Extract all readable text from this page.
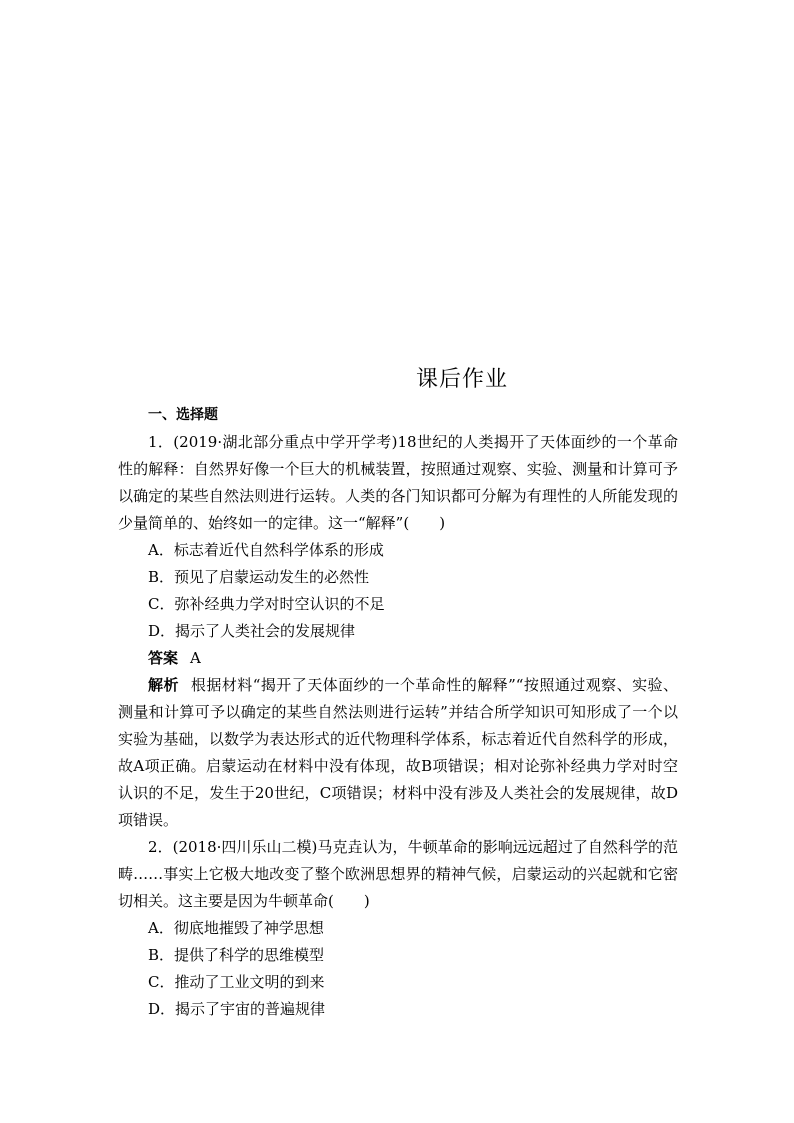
课后作业
一、选择题

1．(2019·湖北部分重点中学开学考)18世纪的人类揭开了天体面纱的一个革命性的解释：自然界好像一个巨大的机械装置，按照通过观察、实验、测量和计算可予以确定的某些自然法则进行运转。人类的各门知识都可分解为有理性的人所能发现的少量简单的、始终如一的定律。这一“解释”(　　)

A．标志着近代自然科学体系的形成
B．预见了启蒙运动发生的必然性
C．弥补经典力学对时空认识的不足
D．揭示了人类社会的发展规律
答案 A

解析 根据材料“揭开了天体面纱的一个革命性的解释”“按照通过观察、实验、测量和计算可予以确定的某些自然法则进行运转”并结合所学知识可知形成了一个以实验为基础，以数学为表达形式的近代物理科学体系，标志着近代自然科学的形成，故A项正确。启蒙运动在材料中没有体现，故B项错误；相对论弥补经典力学对时空认识的不足，发生于20世纪，C项错误；材料中没有涉及人类社会的发展规律，故D项错误。

2．(2018·四川乐山二模)马克垚认为，牛顿革命的影响远远超过了自然科学的范畴……事实上它极大地改变了整个欧洲思想界的精神气候，启蒙运动的兴起就和它密切相关。这主要是因为牛顿革命(　　)

A．彻底地摧毁了神学思想
B．提供了科学的思维模型
C．推动了工业文明的到来
D．揭示了宇宙的普遍规律
